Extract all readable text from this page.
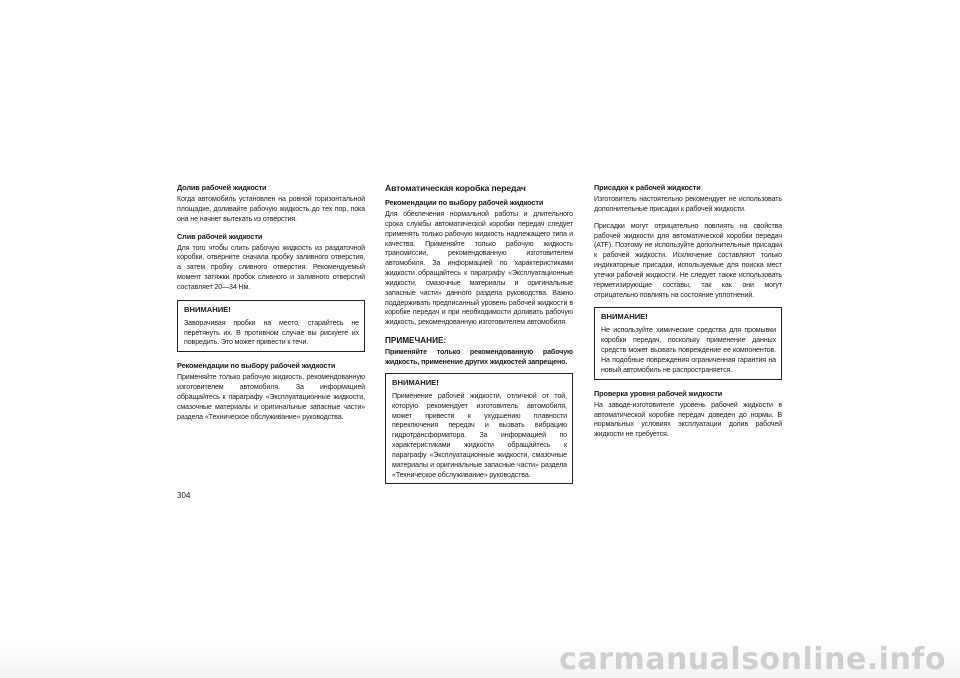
Долив рабочей жидкости

Когда автомобиль установлен на ровной горизонтальной площадке, доливайте рабочую жидкость до тех пор, пока она не начнет вытекать из отверстия.

Слив рабочей жидкости

Для того чтобы слить рабочую жидкость из раздаточной коробки, отверните сначала пробку заливного отверстия, а затем пробку сливного отверстия. Рекомендуемый момент затяжки пробок сливного и заливного отверстий составляет 20—34 Нм.

ВНИМАНИЕ!

Заворачивая пробки на место, старайтесь не перетянуть их. В противном случае вы рискуете их повредить. Это может привести к течи.

Рекомендации по выбору рабочей жидкости

Применяйте только рабочую жидкость, рекомендованную изготовителем автомобиля. За информацией обращайтесь к параграфу «Эксплуатационные жидкости, смазочные материалы и оригинальные запасные части» раздела «Техническое обслуживание» руководства.

Автоматическая коробка передач
Рекомендации по выбору рабочей жидкости

Для обеспечения нормальной работы и длительного срока службы автоматической коробки передач следует применять только рабочую жидкость надлежащего типа и качества. Применяйте только рабочую жидкость трансмиссии, рекомендованную изготовителем автомобиля. За информацией по характеристиками жидкости обращайтесь к параграфу «Эксплуатационные жидкости, смазочные материалы и оригинальные запасные части» данного раздела руководства. Важно поддерживать предписанный уровень рабочей жидкости в коробке передач и при необходимости доливать рабочую жидкость, рекомендованную изготовителем автомобиля.

ПРИМЕЧАНИЕ:
Применяйте только рекомендованную рабочую жидкость, применение других жидкостей запрещено.
ВНИМАНИЕ!

Применение рабочей жидкости, отличной от той, которую рекомендует изготовитель автомобиля, может привести к ухудшению плавности переключения передач и вызвать вибрацию гидротрансформатора. За информацией по характеристиками жидкости обращайтесь к параграфу «Эксплуатационные жидкости, смазочные материалы и оригинальные запасные части» раздела «Техническое обслуживание» руководства.

Присадки к рабочей жидкости

Изготовитель настоятельно рекомендует не использовать дополнительные присадки к рабочей жидкости.

Присадки могут отрицательно повлиять на свойства рабочей жидкости для автоматической коробки передач (ATF). Поэтому не используйте дополнительные присадки к рабочей жидкости. Исключение составляют только индикаторные присадки, используемые для поиска мест утечки рабочей жидкости. Не следует также использовать герметизирующие составы, так как они могут отрицательно повлиять на состояние уплотнений.

ВНИМАНИЕ!

Не используйте химические средства для промывки коробки передач, поскольку применение данных средств может вызвать повреждение ее компонентов. На подобные повреждения ограниченная гарантия на новый автомобиль не распространяется.

Проверка уровня рабочей жидкости

На заводе-изготовителе уровень рабочей жидкости в автоматической коробке передач доведен до нормы. В нормальных условиях эксплуатации долив рабочей жидкости не требуется.

304
carmanualsonline.info
